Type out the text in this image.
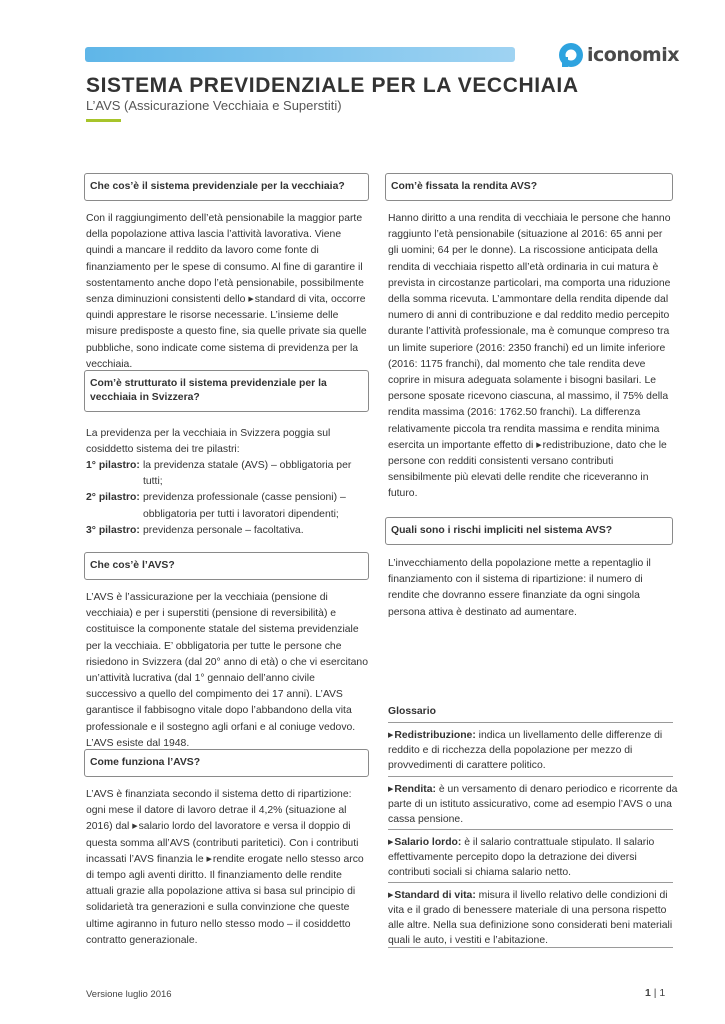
iconomix
SISTEMA PREVIDENZIALE PER LA VECCHIAIA
L’AVS (Assicurazione Vecchiaia e Superstiti)
Che cos’è il sistema previdenziale per la vecchiaia?

Con il raggiungimento dell’età pensionabile la maggior parte della popolazione attiva lascia l’attività lavorativa. Viene quindi a mancare il reddito da lavoro come fonte di finanziamento per le spese di consumo. Al fine di garantire il sostentamento anche dopo l’età pensionabile, possibilmente senza diminuzioni consistenti dello ▶standard di vita, occorre quindi apprestare le risorse necessarie. L’insieme delle misure predisposte a questo fine, sia quelle private sia quelle pubbliche, sono indicate come sistema di previdenza per la vecchiaia.

Com’è strutturato il sistema previdenziale per la vecchiaia in Svizzera?

La previdenza per la vecchiaia in Svizzera poggia sul cosiddetto sistema dei tre pilastri:

1° pilastro: la previdenza statale (AVS) – obbligatoria per tutti;
2° pilastro: previdenza professionale (casse pensioni) – obbligatoria per tutti i lavoratori dipendenti;
3° pilastro: previdenza personale – facoltativa.
Che cos’è l’AVS?

L’AVS è l’assicurazione per la vecchiaia (pensione di vecchiaia) e per i superstiti (pensione di reversibilità) e costituisce la componente statale del sistema previdenziale per la vecchiaia. E’ obbligatoria per tutte le persone che risiedono in Svizzera (dal 20° anno di età) o che vi esercitano un’attività lucrativa (dal 1° gennaio dell’anno civile successivo a quello del compimento dei 17 anni). L’AVS garantisce il fabbisogno vitale dopo l’abbandono della vita professionale e il sostegno agli orfani e al coniuge vedovo. L’AVS esiste dal 1948.

Come funziona l’AVS?

L’AVS è finanziata secondo il sistema detto di ripartizione: ogni mese il datore di lavoro detrae il 4,2% (situazione al 2016) dal ▶salario lordo del lavoratore e versa il doppio di questa somma all’AVS (contributi paritetici). Con i contributi incassati l’AVS finanzia le ▶rendite erogate nello stesso arco di tempo agli aventi diritto. Il finanziamento delle rendite attuali grazie alla popolazione attiva si basa sul principio di solidarietà tra generazioni e sulla convinzione che queste ultime agiranno in futuro nello stesso modo – il cosiddetto contratto generazionale.

Com’è fissata la rendita AVS?

Hanno diritto a una rendita di vecchiaia le persone che hanno raggiunto l’età pensionabile (situazione al 2016: 65 anni per gli uomini; 64 per le donne). La riscossione anticipata della rendita di vecchiaia rispetto all’età ordinaria in cui matura è prevista in circostanze particolari, ma comporta una riduzione della somma ricevuta. L’ammontare della rendita dipende dal numero di anni di contribuzione e dal reddito medio percepito durante l’attività professionale, ma è comunque compreso tra un limite superiore (2016: 2350 franchi) ed un limite inferiore (2016: 1175 franchi), dal momento che tale rendita deve coprire in misura adeguata solamente i bisogni basilari. Le persone sposate ricevono ciascuna, al massimo, il 75% della rendita massima (2016: 1762.50 franchi). La differenza relativamente piccola tra rendita massima e rendita minima esercita un importante effetto di ▶redistribuzione, dato che le persone con redditi consistenti versano contributi sensibilmente più elevati delle rendite che riceveranno in futuro.

Quali sono i rischi impliciti nel sistema AVS?

L’invecchiamento della popolazione mette a repentaglio il finanziamento con il sistema di ripartizione: il numero di rendite che dovranno essere finanziate da ogni singola persona attiva è destinato ad aumentare.

Glossario
▶Redistribuzione: indica un livellamento delle differenze di reddito e di ricchezza della popolazione per mezzo di provvedimenti di carattere politico.
▶Rendita: è un versamento di denaro periodico e ricorrente da parte di un istituto assicurativo, come ad esempio l’AVS o una cassa pensione.
▶Salario lordo: è il salario contrattuale stipulato. Il salario effettivamente percepito dopo la detrazione dei diversi contributi sociali si chiama salario netto.
▶Standard di vita: misura il livello relativo delle condizioni di vita e il grado di benessere materiale di una persona rispetto alle altre. Nella sua definizione sono considerati beni materiali quali le auto, i vestiti e l’abitazione.
Versione luglio 2016	1 | 1
